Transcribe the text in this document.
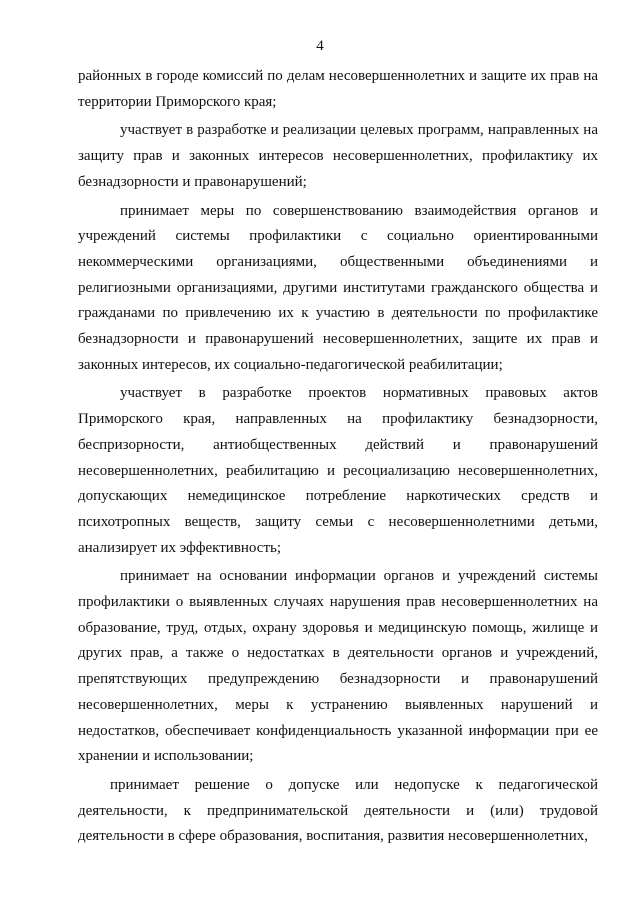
4

районных в городе комиссий по делам несовершеннолетних и защите их прав на территории Приморского края;

участвует в разработке и реализации целевых программ, направленных на защиту прав и законных интересов несовершеннолетних, профилактику их безнадзорности и правонарушений;

принимает меры по совершенствованию взаимодействия органов и учреждений системы профилактики с социально ориентированными некоммерческими организациями, общественными объединениями и религиозными организациями, другими институтами гражданского общества и гражданами по привлечению их к участию в деятельности по профилактике безнадзорности и правонарушений несовершеннолетних, защите их прав и законных интересов, их социально-педагогической реабилитации;

участвует в разработке проектов нормативных правовых актов Приморского края, направленных на профилактику безнадзорности, беспризорности, антиобщественных действий и правонарушений несовершеннолетних, реабилитацию и ресоциализацию несовершеннолетних, допускающих немедицинское потребление наркотических средств и психотропных веществ, защиту семьи с несовершеннолетними детьми, анализирует их эффективность;

принимает на основании информации органов и учреждений системы профилактики о выявленных случаях нарушения прав несовершеннолетних на образование, труд, отдых, охрану здоровья и медицинскую помощь, жилище и других прав, а также о недостатках в деятельности органов и учреждений, препятствующих предупреждению безнадзорности и правонарушений несовершеннолетних, меры к устранению выявленных нарушений и недостатков, обеспечивает конфиденциальность указанной информации при ее хранении и использовании;

принимает решение о допуске или недопуске к педагогической деятельности, к предпринимательской деятельности и (или) трудовой деятельности в сфере образования, воспитания, развития несовершеннолетних,
